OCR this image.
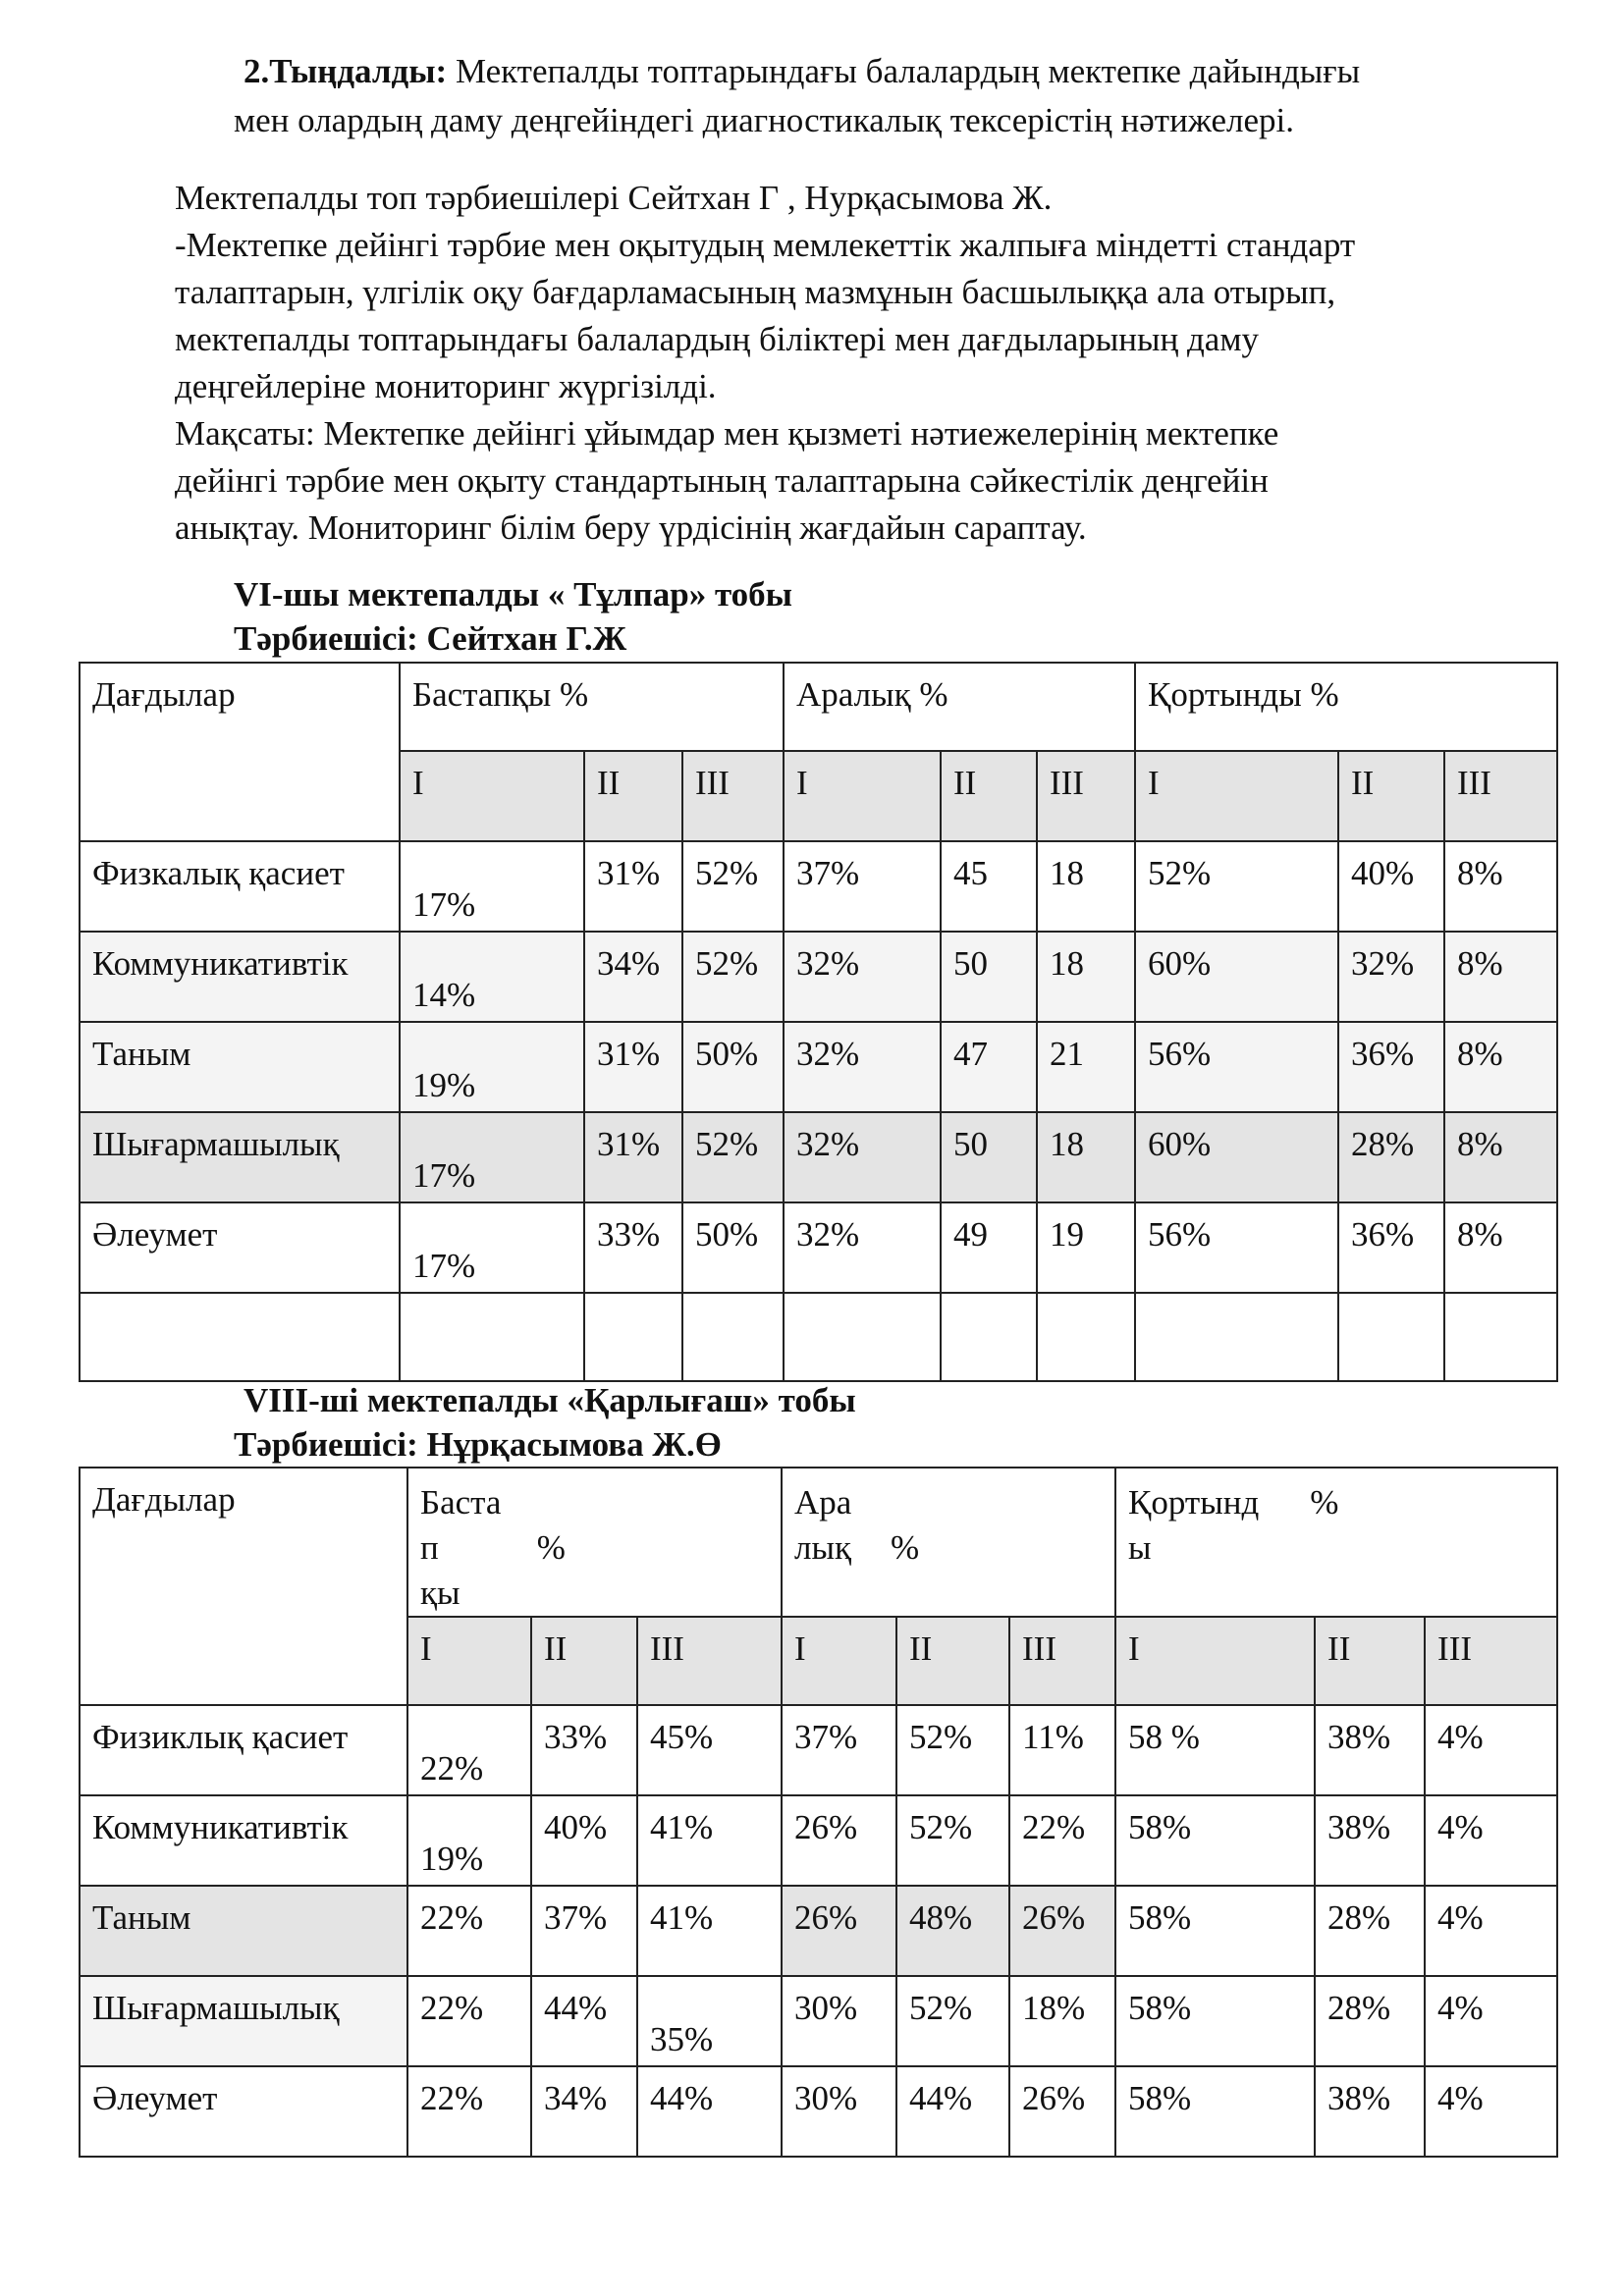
2.Тыңдалды: Мектепалды топтарындағы балалардың мектепке дайындығы
мен олардың даму деңгейіндегі диагностикалық тексерістің нәтижелері.
Мектепалды топ тәрбиешілері Сейтхан Г , Нурқасымова Ж.
-Мектепке дейінгі тәрбие мен оқытудың мемлекеттік жалпыға міндетті стандарт
талаптарын, үлгілік оқу бағдарламасының мазмұнын басшылыққа ала отырып,
мектепалды топтарындағы балалардың біліктері мен дағдыларының даму
деңгейлеріне мониторинг жүргізілді.
Мақсаты: Мектепке дейінгі ұйымдар мен қызметі нәтиежелерінің мектепке
дейінгі тәрбие мен оқыту стандартының талаптарына сәйкестілік деңгейін
анықтау. Мониторинг білім беру үрдісінің жағдайын сараптау.
VI-шы мектепалды « Тұлпар» тобы
Тәрбиешісі: Сейтхан Г.Ж
Дағдылар	Бастапқы %			Аралық %			Қортынды %		

	I	II	III	I	II	III	I	II	III

Физкалық қасиет	17%	31%	52%	37%	45	18	52%	40%	8%

Коммуникативтік	14%	34%	52%	32%	50	18	60%	32%	8%

Таным	19%	31%	50%	32%	47	21	56%	36%	8%

Шығармашылық	17%	31%	52%	32%	50	18	60%	28%	8%

Әлеумет	17%	33%	50%	32%	49	19	56%	36%	8%

VIII-ші мектепалды «Қарлығаш» тобы
Тәрбиешісі: Нұрқасымова Ж.Ө
Дағдылар	Баста
п %
қы			Ара
лық %			Қортынд %
ы		

	I	II	III	I	II	III	I	II	III

Физиклық қасиет	22%	33%	45%	37%	52%	11%	58 %	38%	4%

Коммуникативтік	19%	40%	41%	26%	52%	22%	58%	38%	4%

Таным	22%	37%	41%	26%	48%	26%	58%	28%	4%

Шығармашылық	22%	44%	35%	30%	52%	18%	58%	28%	4%

Әлеумет	22%	34%	44%	30%	44%	26%	58%	38%	4%
